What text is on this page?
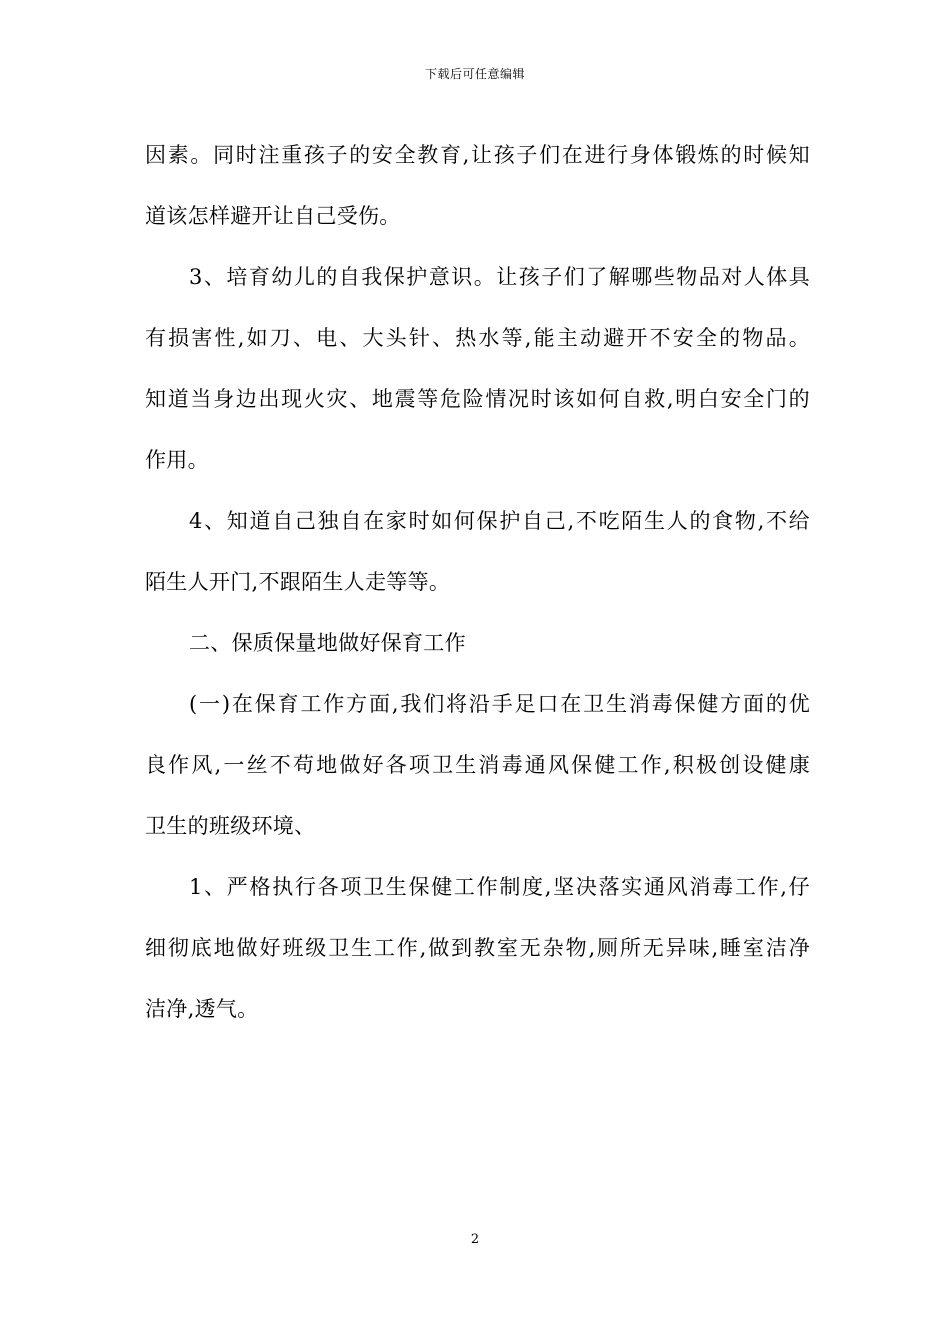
下载后可任意编辑
因素。同时注重孩子的安全教育,让孩子们在进行身体锻炼的时候知
道该怎样避开让自己受伤。
3、培育幼儿的自我保护意识。让孩子们了解哪些物品对人体具
有损害性,如刀、电、大头针、热水等,能主动避开不安全的物品。
知道当身边出现火灾、地震等危险情况时该如何自救,明白安全门的
作用。
4、知道自己独自在家时如何保护自己,不吃陌生人的食物,不给
陌生人开门,不跟陌生人走等等。
二、保质保量地做好保育工作
(一)在保育工作方面,我们将沿手足口在卫生消毒保健方面的优
良作风,一丝不苟地做好各项卫生消毒通风保健工作,积极创设健康
卫生的班级环境、
1、严格执行各项卫生保健工作制度,坚决落实通风消毒工作,仔
细彻底地做好班级卫生工作,做到教室无杂物,厕所无异味,睡室洁净
洁净,透气。
2
